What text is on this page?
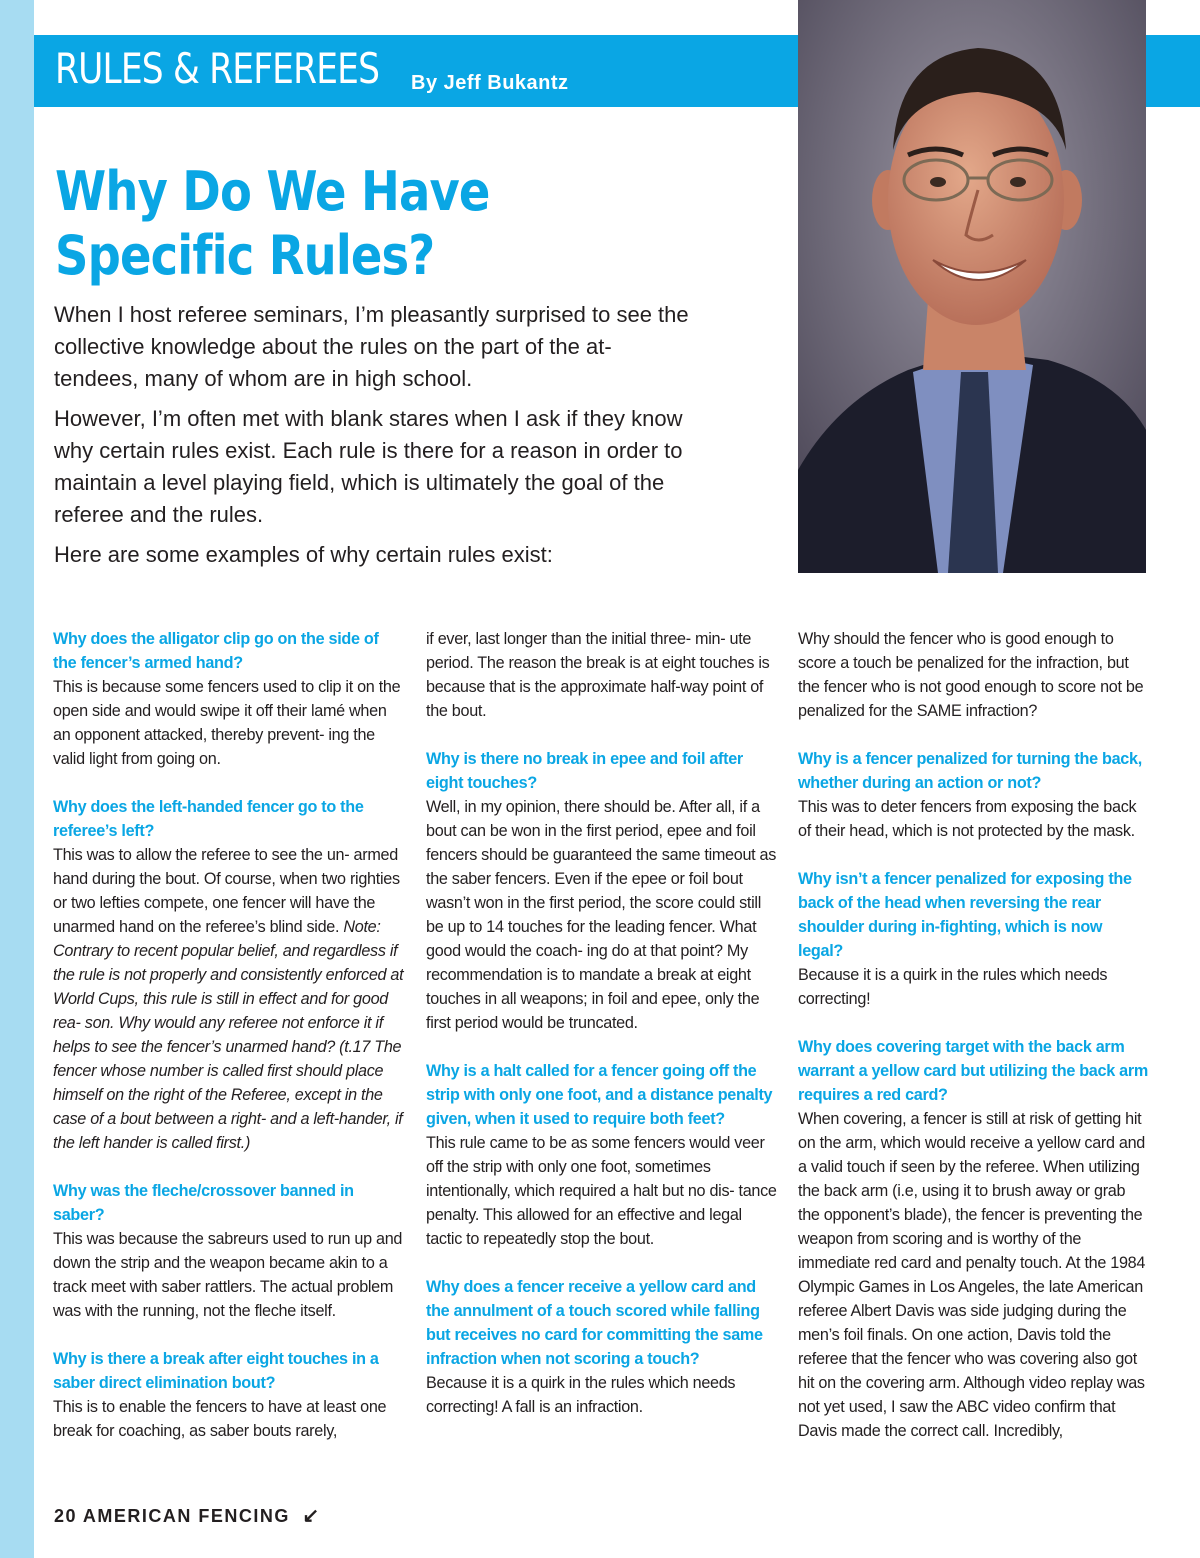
RULES & REFEREES By Jeff Bukantz
Why Do We Have
Specific Rules?

When I host referee seminars, I’m pleasantly surprised to see the collective knowledge about the rules on the part of the at- tendees, many of whom are in high school.

However, I’m often met with blank stares when I ask if they know why certain rules exist. Each rule is there for a reason in order to maintain a level playing field, which is ultimately the goal of the referee and the rules.

Here are some examples of why certain rules exist:

Why does the alligator clip go on the side of the fencer’s armed hand?

This is because some fencers used to clip it on the open side and would swipe it off their lamé when an opponent attacked, thereby prevent- ing the valid light from going on.

Why does the left-handed fencer go to the referee’s left?

This was to allow the referee to see the un- armed hand during the bout. Of course, when two righties or two lefties compete, one fencer will have the unarmed hand on the referee’s blind side. Note: Contrary to recent popular belief, and regardless if the rule is not properly and consistently enforced at World Cups, this rule is still in effect and for good rea- son. Why would any referee not enforce it if helps to see the fencer’s unarmed hand? (t.17 The fencer whose number is called first should place himself on the right of the Referee, except in the case of a bout between a right- and a left-hander, if the left hander is called first.)

Why was the fleche/crossover banned in saber?

This was because the sabreurs used to run up and down the strip and the weapon became akin to a track meet with saber rattlers. The actual problem was with the running, not the fleche itself.

Why is there a break after eight touches in a saber direct elimination bout?

This is to enable the fencers to have at least one break for coaching, as saber bouts rarely,

if ever, last longer than the initial three- min- ute period. The reason the break is at eight touches is because that is the approximate half-way point of the bout.

Why is there no break in epee and foil after eight touches?

Well, in my opinion, there should be. After all, if a bout can be won in the first period, epee and foil fencers should be guaranteed the same timeout as the saber fencers. Even if the epee or foil bout wasn’t won in the first period, the score could still be up to 14 touches for the leading fencer. What good would the coach- ing do at that point? My recommendation is to mandate a break at eight touches in all weapons; in foil and epee, only the first period would be truncated.

Why is a halt called for a fencer going off the strip with only one foot, and a distance penalty given, when it used to require both feet?

This rule came to be as some fencers would veer off the strip with only one foot, sometimes intentionally, which required a halt but no dis- tance penalty. This allowed for an effective and legal tactic to repeatedly stop the bout.

Why does a fencer receive a yellow card and the annulment of a touch scored while falling but receives no card for committing the same infraction when not scoring a touch?

Because it is a quirk in the rules which needs correcting! A fall is an infraction.

Why should the fencer who is good enough to score a touch be penalized for the infraction, but the fencer who is not good enough to score not be penalized for the SAME infraction?

Why is a fencer penalized for turning the back, whether during an action or not?

This was to deter fencers from exposing the back of their head, which is not protected by the mask.

Why isn’t a fencer penalized for exposing the back of the head when reversing the rear shoulder during in-fighting, which is now legal?

Because it is a quirk in the rules which needs correcting!

Why does covering target with the back arm warrant a yellow card but utilizing the back arm requires a red card?

When covering, a fencer is still at risk of getting hit on the arm, which would receive a yellow card and a valid touch if seen by the referee. When utilizing the back arm (i.e, using it to brush away or grab the opponent’s blade), the fencer is preventing the weapon from scoring and is worthy of the immediate red card and penalty touch. At the 1984 Olympic Games in Los Angeles, the late American referee Albert Davis was side judging during the men’s foil finals. On one action, Davis told the referee that the fencer who was covering also got hit on the covering arm. Although video replay was not yet used, I saw the ABC video confirm that Davis made the correct call. Incredibly,

20 AMERICAN FENCING ↙
